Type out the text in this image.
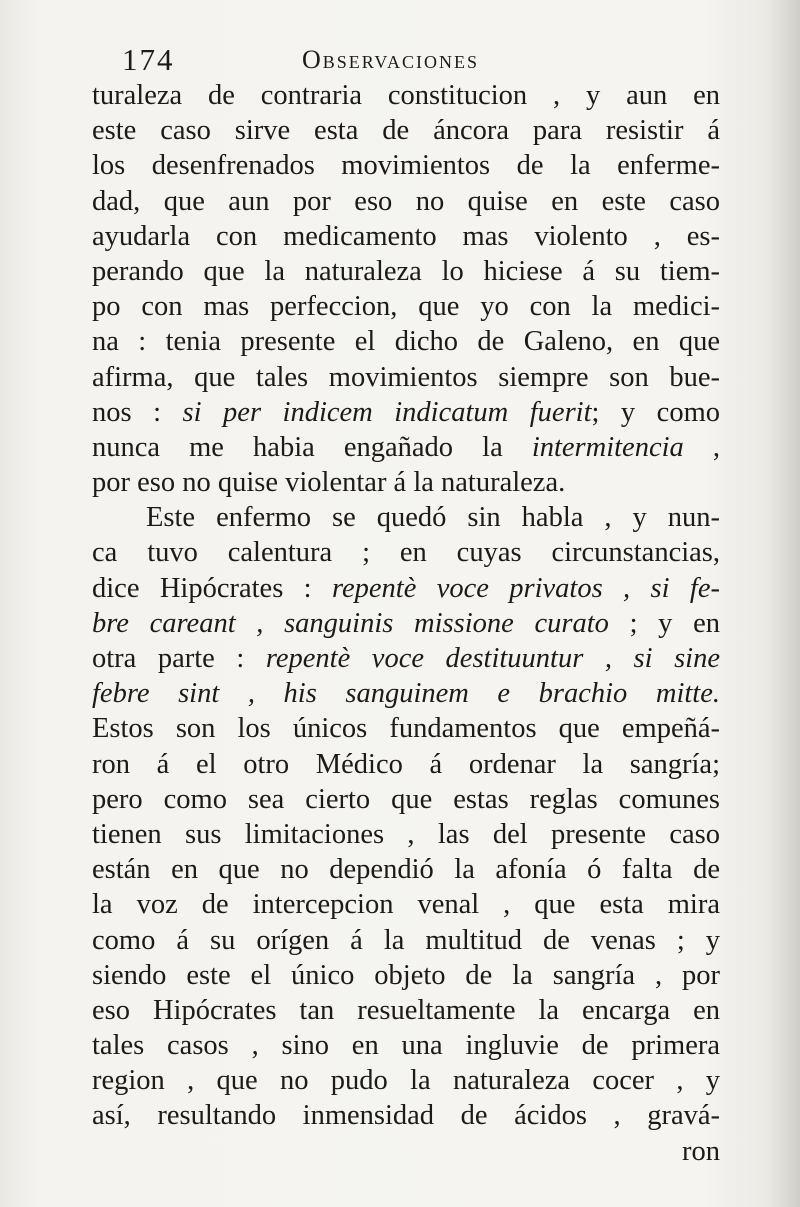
174	Observaciones
turaleza de contraria constitucion , y aun en
este caso sirve esta de áncora para resistir á
los desenfrenados movimientos de la enferme-
dad, que aun por eso no quise en este caso
ayudarla con medicamento mas violento , es-
perando que la naturaleza lo hiciese á su tiem-
po con mas perfeccion, que yo con la medici-
na : tenia presente el dicho de Galeno, en que
afirma, que tales movimientos siempre son bue-
nos : si per indicem indicatum fuerit; y como
nunca me habia engañado la intermitencia ,
por eso no quise violentar á la naturaleza.
Este enfermo se quedó sin habla , y nun-
ca tuvo calentura ; en cuyas circunstancias,
dice Hipócrates : repentè voce privatos , si fe-
bre careant , sanguinis missione curato ; y en
otra parte : repentè voce destituuntur , si sine
febre sint , his sanguinem e brachio mitte.
Estos son los únicos fundamentos que empeñá-
ron á el otro Médico á ordenar la sangría;
pero como sea cierto que estas reglas comunes
tienen sus limitaciones , las del presente caso
están en que no dependió la afonía ó falta de
la voz de intercepcion venal , que esta mira
como á su orígen á la multitud de venas ; y
siendo este el único objeto de la sangría , por
eso Hipócrates tan resueltamente la encarga en
tales casos , sino en una ingluvie de primera
region , que no pudo la naturaleza cocer , y
así, resultando inmensidad de ácidos , gravá-
ron
